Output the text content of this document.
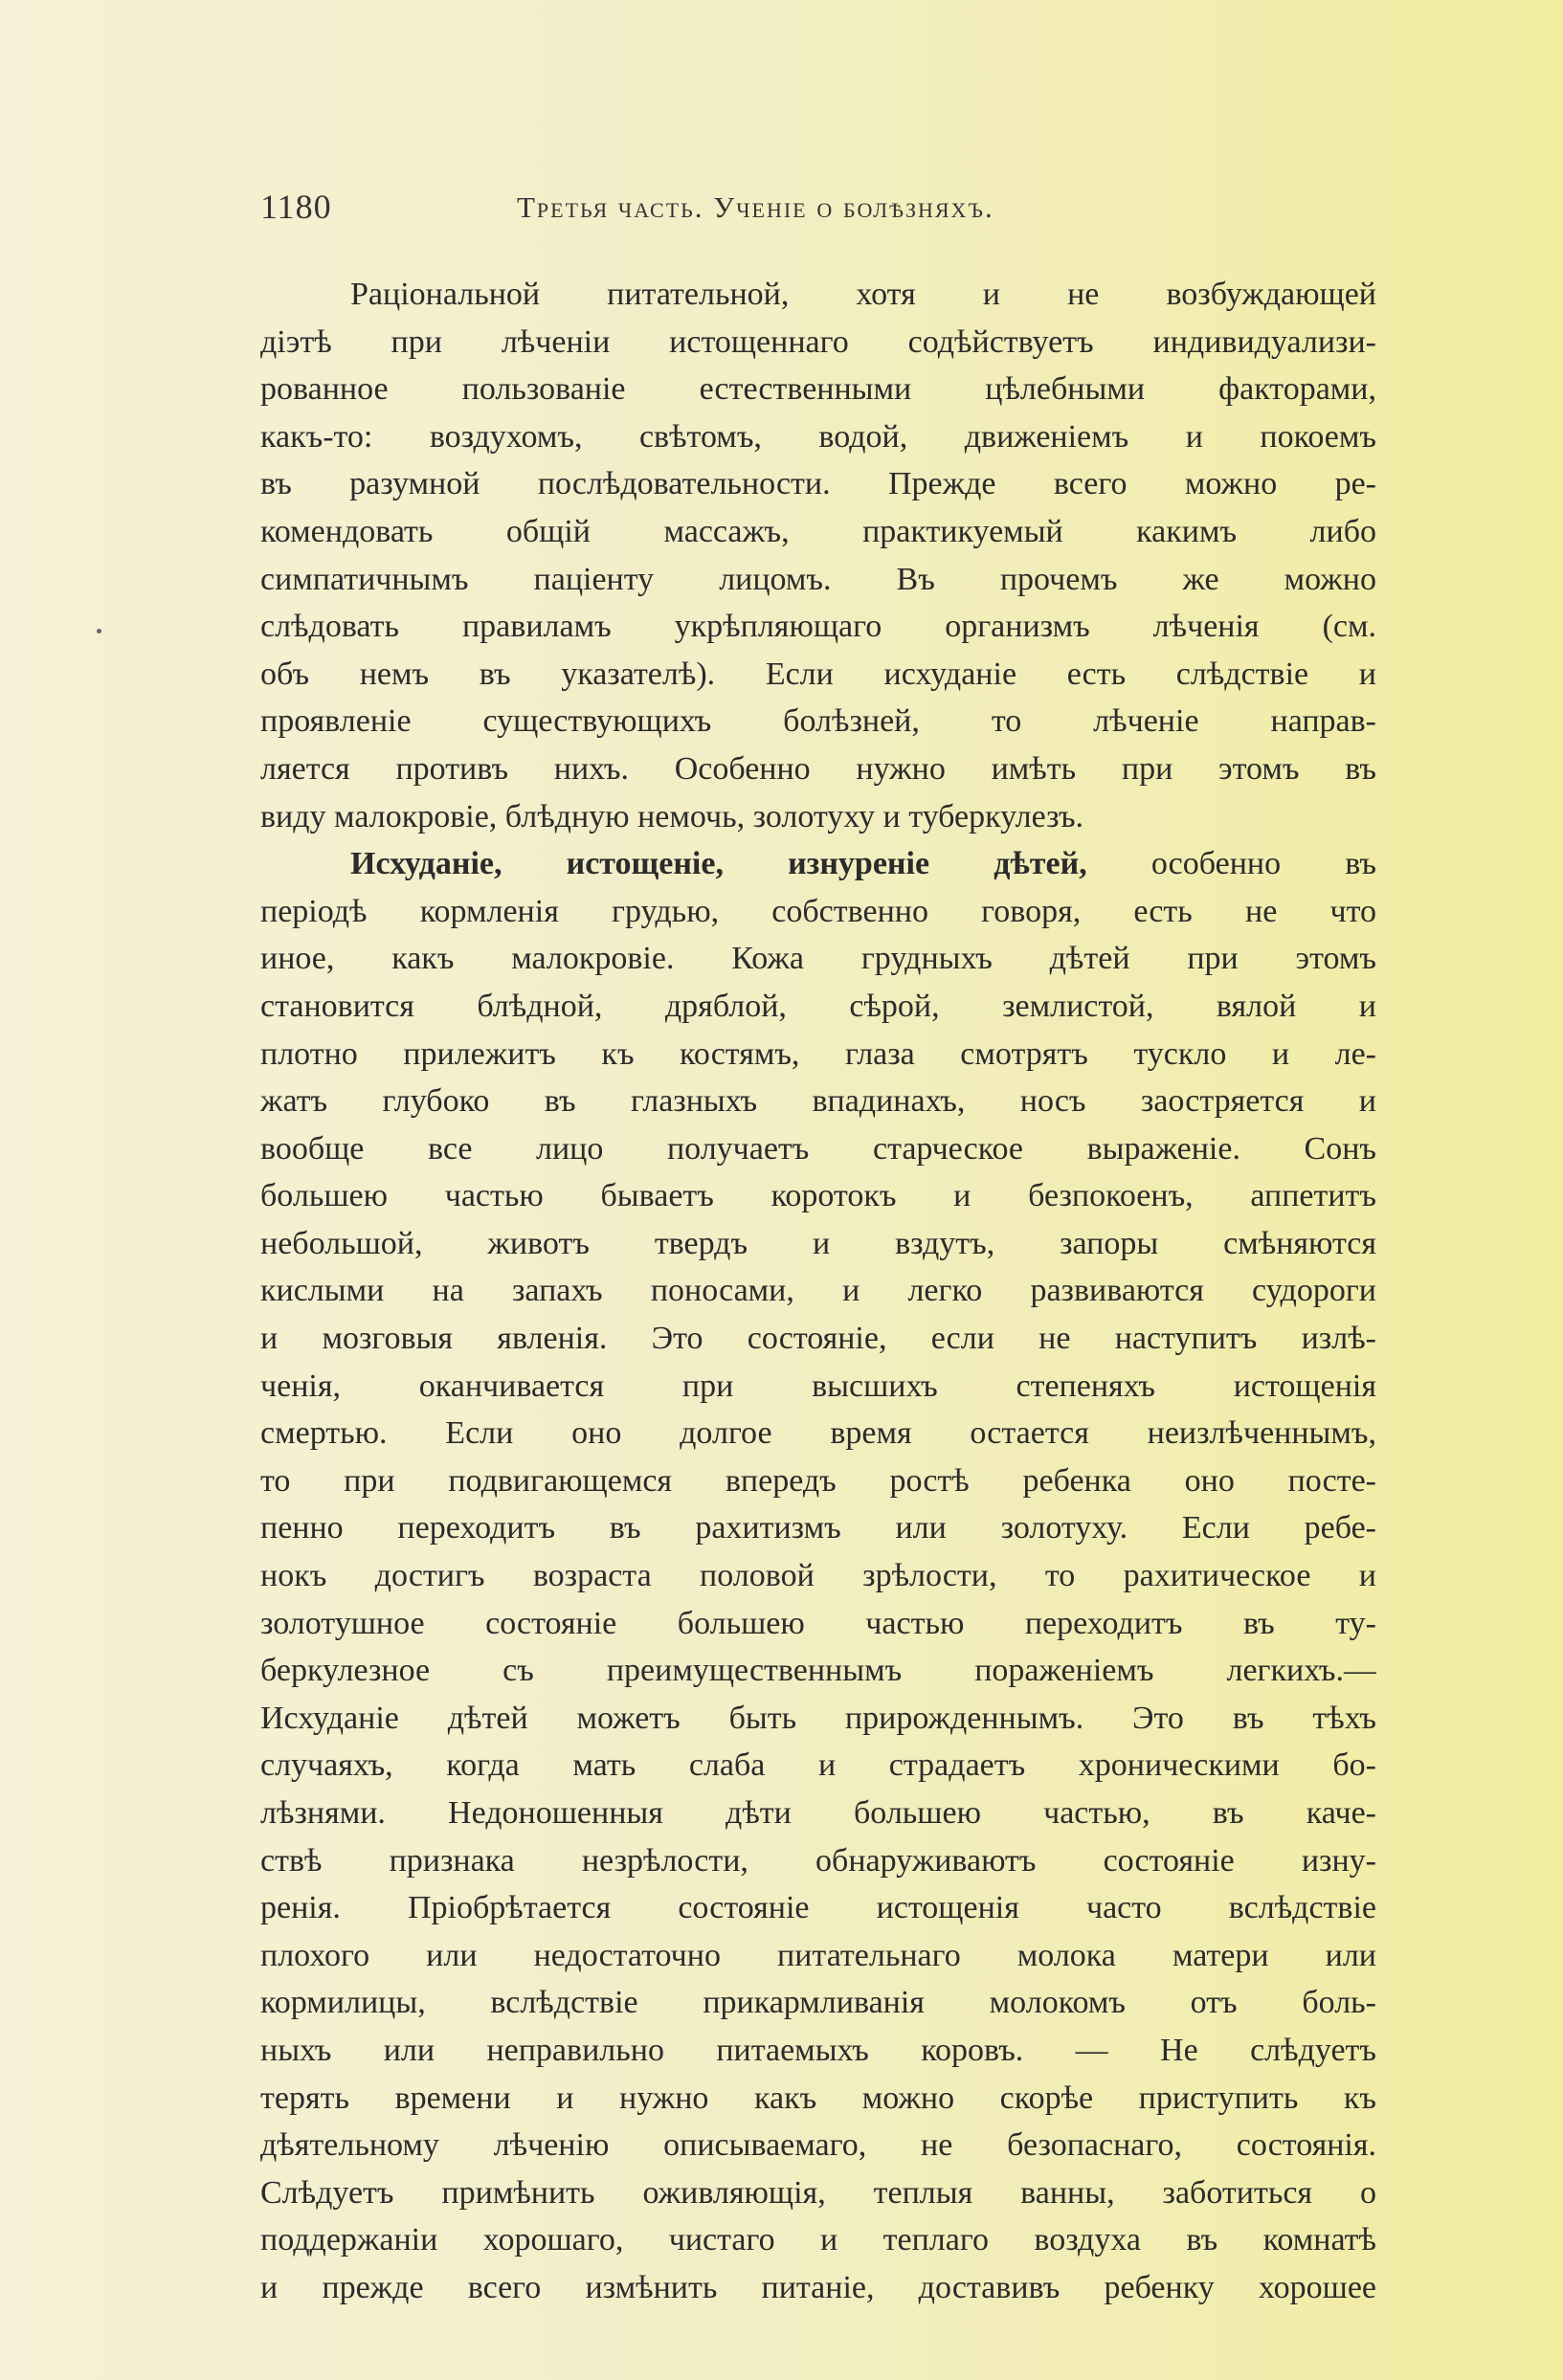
1180	Третья часть. Ученіе о болѣзняхъ.
Раціональной питательной, хотя и не возбуждающей
діэтѣ при лѣченіи истощеннаго содѣйствуетъ индивидуализи-
рованное пользованіе естественными цѣлебными факторами,
какъ-то: воздухомъ, свѣтомъ, водой, движеніемъ и покоемъ
въ разумной послѣдовательности. Прежде всего можно ре-
комендовать общій массажъ, практикуемый какимъ либо
симпатичнымъ паціенту лицомъ. Въ прочемъ же можно
слѣдовать правиламъ укрѣпляющаго организмъ лѣченія (см.
объ немъ въ указателѣ). Если исхуданіе есть слѣдствіе и
проявленіе существующихъ болѣзней, то лѣченіе направ-
ляется противъ нихъ. Особенно нужно имѣть при этомъ въ
виду малокровіе, блѣдную немочь, золотуху и туберкулезъ.
Исхуданіе, истощеніе, изнуреніе дѣтей, особенно въ
періодѣ кормленія грудью, собственно говоря, есть не что
иное, какъ малокровіе. Кожа грудныхъ дѣтей при этомъ
становится блѣдной, дряблой, сѣрой, землистой, вялой и
плотно прилежитъ къ костямъ, глаза смотрятъ тускло и ле-
жатъ глубоко въ глазныхъ впадинахъ, носъ заостряется и
вообще все лицо получаетъ старческое выраженіе. Сонъ
большею частью бываетъ коротокъ и безпокоенъ, аппетитъ
небольшой, животъ твердъ и вздутъ, запоры смѣняются
кислыми на запахъ поносами, и легко развиваются судороги
и мозговыя явленія. Это состояніе, если не наступитъ излѣ-
ченія, оканчивается при высшихъ степеняхъ истощенія
смертью. Если оно долгое время остается неизлѣченнымъ,
то при подвигающемся впередъ ростѣ ребенка оно посте-
пенно переходитъ въ рахитизмъ или золотуху. Если ребе-
нокъ достигъ возраста половой зрѣлости, то рахитическое и
золотушное состояніе большею частью переходитъ въ ту-
беркулезное съ преимущественнымъ пораженіемъ легкихъ.—
Исхуданіе дѣтей можетъ быть прирожденнымъ. Это въ тѣхъ
случаяхъ, когда мать слаба и страдаетъ хроническими бо-
лѣзнями. Недоношенныя дѣти большею частью, въ каче-
ствѣ признака незрѣлости, обнаруживаютъ состояніе изну-
ренія. Пріобрѣтается состояніе истощенія часто вслѣдствіе
плохого или недостаточно питательнаго молока матери или
кормилицы, вслѣдствіе прикармливанія молокомъ отъ боль-
ныхъ или неправильно питаемыхъ коровъ. — Не слѣдуетъ
терять времени и нужно какъ можно скорѣе приступить къ
дѣятельному лѣченію описываемаго, не безопаснаго, состоянія.
Слѣдуетъ примѣнить оживляющія, теплыя ванны, заботиться о
поддержаніи хорошаго, чистаго и теплаго воздуха въ комнатѣ
и прежде всего измѣнить питаніе, доставивъ ребенку хорошее
